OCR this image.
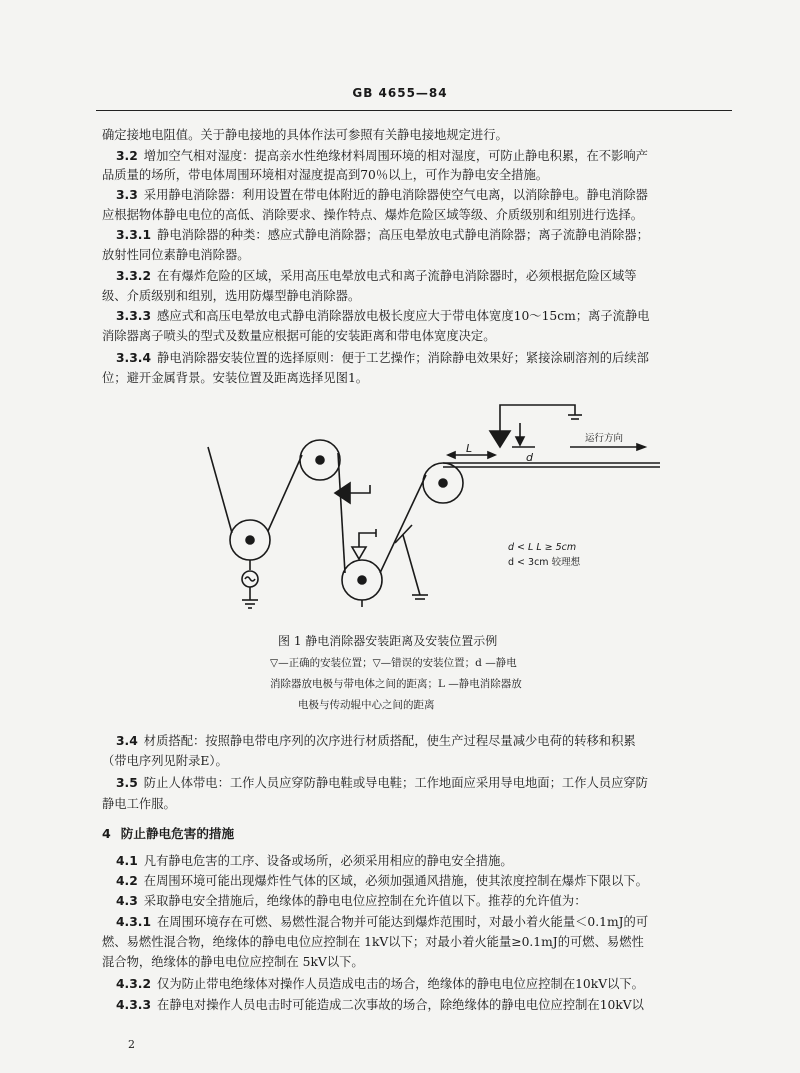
GB 4655—84
确定接地电阻值。关于静电接地的具体作法可参照有关静电接地规定进行。
3.2 增加空气相对湿度：提高亲水性绝缘材料周围环境的相对湿度，可防止静电积累，在不影响产
品质量的场所，带电体周围环境相对湿度提高到70％以上，可作为静电安全措施。
3.3 采用静电消除器：利用设置在带电体附近的静电消除器使空气电离，以消除静电。静电消除器
应根据物体静电电位的高低、消除要求、操作特点、爆炸危险区域等级、介质级别和组别进行选择。
3.3.1 静电消除器的种类：感应式静电消除器；高压电晕放电式静电消除器；离子流静电消除器；
放射性同位素静电消除器。
3.3.2 在有爆炸危险的区域，采用高压电晕放电式和离子流静电消除器时，必须根据危险区域等
级、介质级别和组别，选用防爆型静电消除器。
3.3.3 感应式和高压电晕放电式静电消除器放电极长度应大于带电体宽度10～15cm；离子流静电
消除器离子喷头的型式及数量应根据可能的安装距离和带电体宽度决定。
3.3.4 静电消除器安装位置的选择原则：便于工艺操作；消除静电效果好；紧接涂刷溶剂的后续部
位；避开金属背景。安装位置及距离选择见图1。
L
d
运行方向
d < L L ≥ 5cm
d < 3cm 较理想
图 1 静电消除器安装距离及安装位置示例
▽—正确的安装位置；▽—错误的安装位置；d —静电
消除器放电极与带电体之间的距离；L —静电消除器放
电极与传动辊中心之间的距离
3.4 材质搭配：按照静电带电序列的次序进行材质搭配，使生产过程尽量减少电荷的转移和积累
（带电序列见附录E）。
3.5 防止人体带电：工作人员应穿防静电鞋或导电鞋；工作地面应采用导电地面；工作人员应穿防
静电工作服。
4 防止静电危害的措施
4.1 凡有静电危害的工序、设备或场所，必须采用相应的静电安全措施。
4.2 在周围环境可能出现爆炸性气体的区域，必须加强通风措施，使其浓度控制在爆炸下限以下。
4.3 采取静电安全措施后，绝缘体的静电电位应控制在允许值以下。推荐的允许值为：
4.3.1 在周围环境存在可燃、易燃性混合物并可能达到爆炸范围时，对最小着火能量＜0.1mJ的可
燃、易燃性混合物，绝缘体的静电电位应控制在 1kV以下；对最小着火能量≥0.1mJ的可燃、易燃性
混合物，绝缘体的静电电位应控制在 5kV以下。
4.3.2 仅为防止带电绝缘体对操作人员造成电击的场合，绝缘体的静电电位应控制在10kV以下。
4.3.3 在静电对操作人员电击时可能造成二次事故的场合，除绝缘体的静电电位应控制在10kV以
2
